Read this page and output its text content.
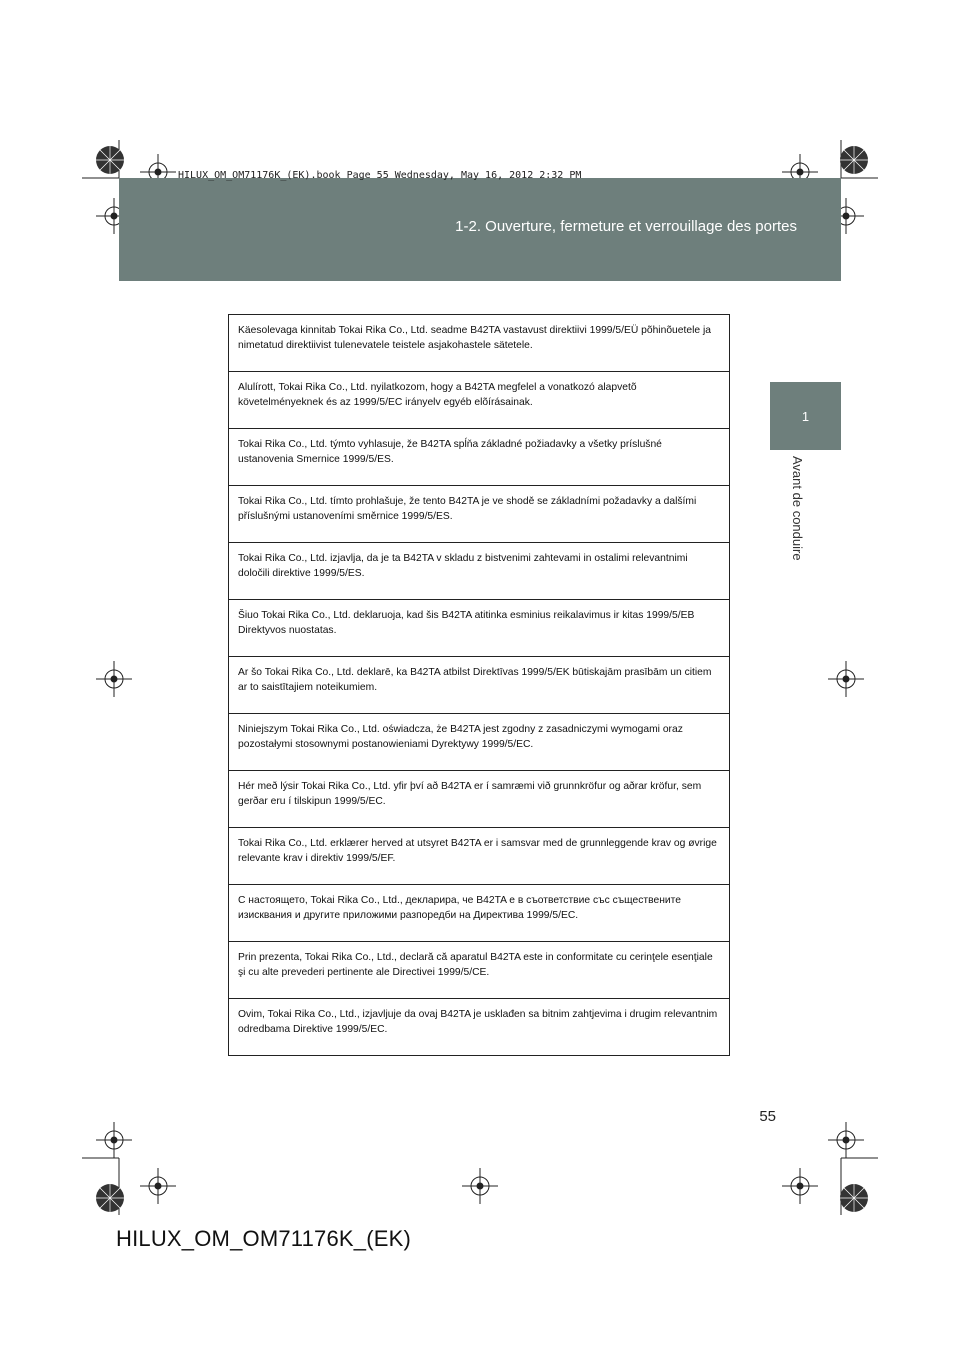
HILUX_OM_OM71176K_(EK).book Page 55 Wednesday, May 16, 2012 2:32 PM
1-2. Ouverture, fermeture et verrouillage des portes
1
Avant de conduire
Käesolevaga kinnitab Tokai Rika Co., Ltd. seadme B42TA vastavust direktiivi 1999/5/EÜ põhinõuetele ja nimetatud direktiivist tulenevatele teistele asjakohastele sätetele.
Alulírott, Tokai Rika Co., Ltd. nyilatkozom, hogy a B42TA megfelel a vonatkozó alapvetõ követelményeknek és az 1999/5/EC irányelv egyéb elõírásainak.
Tokai Rika Co., Ltd. týmto vyhlasuje, že B42TA spĺňa základné požiadavky a všetky príslušné ustanovenia Smernice 1999/5/ES.
Tokai Rika Co., Ltd. tímto prohlašuje, že tento B42TA je ve shodě se základními požadavky a dalšími příslušnými ustanoveními směrnice 1999/5/ES.
Tokai Rika Co., Ltd. izjavlja, da je ta B42TA v skladu z bistvenimi zahtevami in ostalimi relevantnimi določili direktive 1999/5/ES.
Šiuo Tokai Rika Co., Ltd. deklaruoja, kad šis B42TA atitinka esminius reikalavimus ir kitas 1999/5/EB Direktyvos nuostatas.
Ar šo Tokai Rika Co., Ltd. deklarē, ka B42TA atbilst Direktīvas 1999/5/EK būtiskajām prasībām un citiem ar to saistītajiem noteikumiem.
Niniejszym Tokai Rika Co., Ltd. oświadcza, że B42TA jest zgodny z zasadniczymi wymogami oraz pozostałymi stosownymi postanowieniami Dyrektywy 1999/5/EC.
Hér með lýsir Tokai Rika Co., Ltd. yfir því að B42TA er í samræmi við grunnkröfur og aðrar kröfur, sem gerðar eru í tilskipun 1999/5/EC.
Tokai Rika Co., Ltd. erklærer herved at utsyret B42TA er i samsvar med de grunnleggende krav og øvrige relevante krav i direktiv 1999/5/EF.
С настоящето, Tokai Rika Co., Ltd., декларира, че B42TA е в съответствие със съществените изисквания и другите приложими разпоредби на Директива 1999/5/EC.
Prin prezenta, Tokai Rika Co., Ltd., declară că aparatul B42TA este in conformitate cu cerinţele esenţiale şi cu alte prevederi pertinente ale Directivei 1999/5/CE.
Ovim, Tokai Rika Co., Ltd., izjavljuje da ovaj B42TA je usklađen sa bitnim zahtjevima i drugim relevantnim odredbama Direktive 1999/5/EC.
55
HILUX_OM_OM71176K_(EK)
